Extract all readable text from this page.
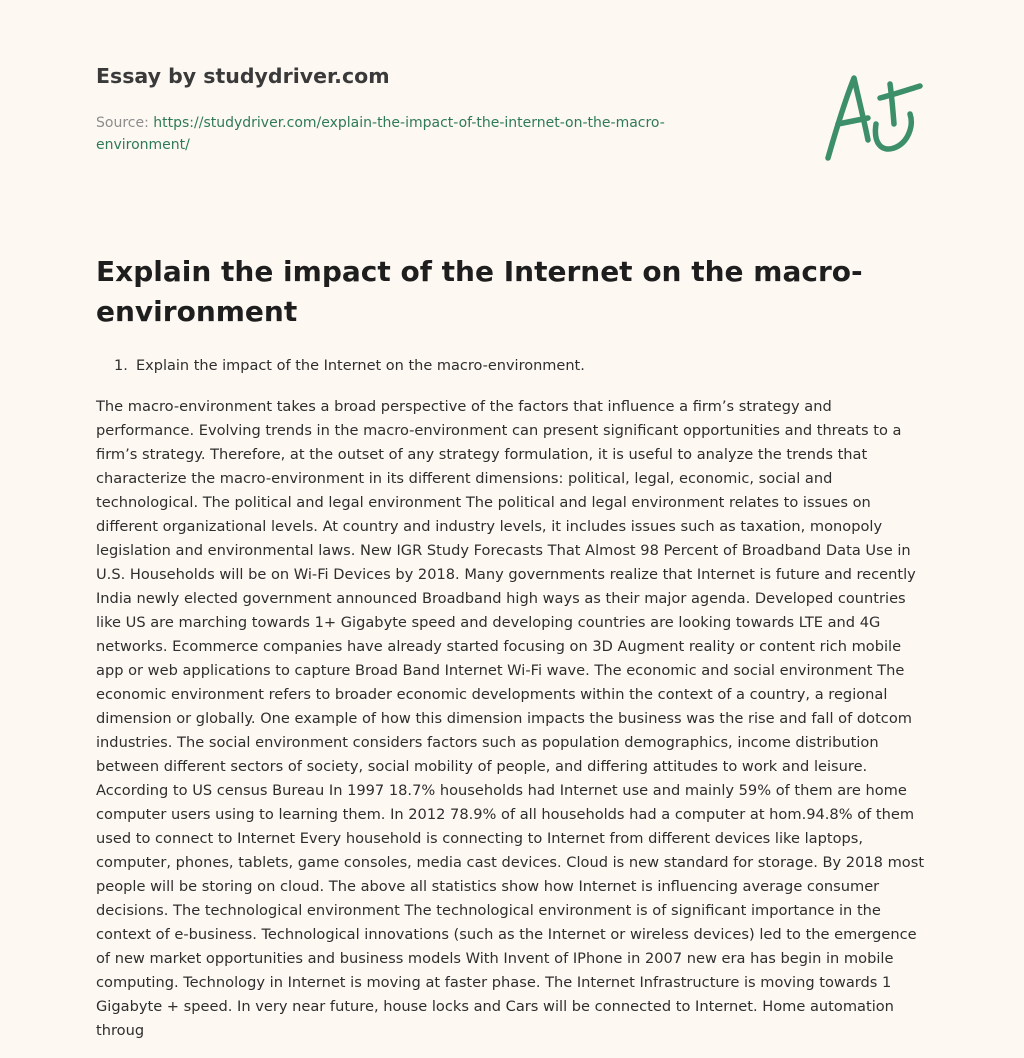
Essay by studydriver.com
Source: https://studydriver.com/explain-the-impact-of-the-internet-on-the-macro-environment/
Explain the impact of the Internet on the macro-environment
1. Explain the impact of the Internet on the macro-environment.

The macro-environment takes a broad perspective of the factors that influence a firm’s strategy and performance. Evolving trends in the macro-environment can present significant opportunities and threats to a firm’s strategy. Therefore, at the outset of any strategy formulation, it is useful to analyze the trends that characterize the macro-environment in its different dimensions: political, legal, economic, social and technological. The political and legal environment The political and legal environment relates to issues on different organizational levels. At country and industry levels, it includes issues such as taxation, monopoly legislation and environmental laws. New IGR Study Forecasts That Almost 98 Percent of Broadband Data Use in U.S. Households will be on Wi-Fi Devices by 2018. Many governments realize that Internet is future and recently India newly elected government announced Broadband high ways as their major agenda. Developed countries like US are marching towards 1+ Gigabyte speed and developing countries are looking towards LTE and 4G networks. Ecommerce companies have already started focusing on 3D Augment reality or content rich mobile app or web applications to capture Broad Band Internet Wi-Fi wave. The economic and social environment The economic environment refers to broader economic developments within the context of a country, a regional dimension or globally. One example of how this dimension impacts the business was the rise and fall of dotcom industries. The social environment considers factors such as population demographics, income distribution between different sectors of society, social mobility of people, and differing attitudes to work and leisure. According to US census Bureau In 1997 18.7% households had Internet use and mainly 59% of them are home computer users using to learning them. In 2012 78.9% of all households had a computer at hom.94.8% of them used to connect to Internet Every household is connecting to Internet from different devices like laptops, computer, phones, tablets, game consoles, media cast devices. Cloud is new standard for storage. By 2018 most people will be storing on cloud. The above all statistics show how Internet is influencing average consumer decisions. The technological environment The technological environment is of significant importance in the context of e-business. Technological innovations (such as the Internet or wireless devices) led to the emergence of new market opportunities and business models With Invent of IPhone in 2007 new era has begin in mobile computing. Technology in Internet is moving at faster phase. The Internet Infrastructure is moving towards 1 Gigabyte + speed. In very near future, house locks and Cars will be connected to Internet. Home automation throug
